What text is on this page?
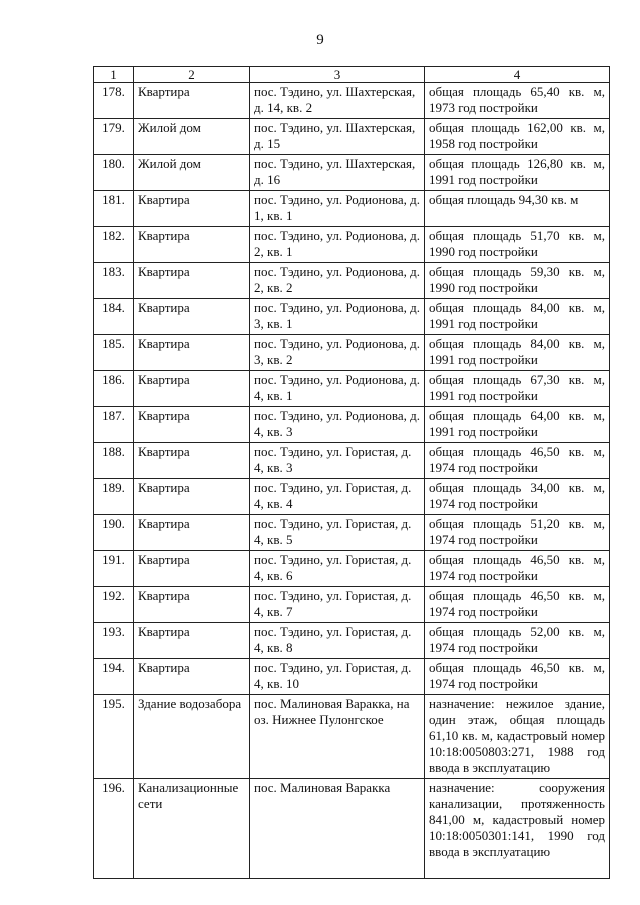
9
1	2	3	4
178.	Квартира	пос. Тэдино, ул. Шахтерская, д. 14, кв. 2	общая площадь 65,40 кв. м, 1973 год постройки
179.	Жилой дом	пос. Тэдино, ул. Шахтерская, д. 15	общая площадь 162,00 кв. м, 1958 год постройки
180.	Жилой дом	пос. Тэдино, ул. Шахтерская, д. 16	общая площадь 126,80 кв. м, 1991 год постройки
181.	Квартира	пос. Тэдино, ул. Родионова, д. 1, кв. 1	общая площадь 94,30 кв. м
182.	Квартира	пос. Тэдино, ул. Родионова, д. 2, кв. 1	общая площадь 51,70 кв. м, 1990 год постройки
183.	Квартира	пос. Тэдино, ул. Родионова, д. 2, кв. 2	общая площадь 59,30 кв. м, 1990 год постройки
184.	Квартира	пос. Тэдино, ул. Родионова, д. 3, кв. 1	общая площадь 84,00 кв. м, 1991 год постройки
185.	Квартира	пос. Тэдино, ул. Родионова, д. 3, кв. 2	общая площадь 84,00 кв. м, 1991 год постройки
186.	Квартира	пос. Тэдино, ул. Родионова, д. 4, кв. 1	общая площадь 67,30 кв. м, 1991 год постройки
187.	Квартира	пос. Тэдино, ул. Родионова, д. 4, кв. 3	общая площадь 64,00 кв. м, 1991 год постройки
188.	Квартира	пос. Тэдино, ул. Гористая, д. 4, кв. 3	общая площадь 46,50 кв. м, 1974 год постройки
189.	Квартира	пос. Тэдино, ул. Гористая, д. 4, кв. 4	общая площадь 34,00 кв. м, 1974 год постройки
190.	Квартира	пос. Тэдино, ул. Гористая, д. 4, кв. 5	общая площадь 51,20 кв. м, 1974 год постройки
191.	Квартира	пос. Тэдино, ул. Гористая, д. 4, кв. 6	общая площадь 46,50 кв. м, 1974 год постройки
192.	Квартира	пос. Тэдино, ул. Гористая, д. 4, кв. 7	общая площадь 46,50 кв. м, 1974 год постройки
193.	Квартира	пос. Тэдино, ул. Гористая, д. 4, кв. 8	общая площадь 52,00 кв. м, 1974 год постройки
194.	Квартира	пос. Тэдино, ул. Гористая, д. 4, кв. 10	общая площадь 46,50 кв. м, 1974 год постройки
195.	Здание водозабора	пос. Малиновая Варакка, на оз. Нижнее Пулонгское	назначение: нежилое здание, один этаж, общая площадь 61,10 кв. м, кадастровый номер 10:18:0050803:271, 1988 год ввода в эксплуатацию
196.	Канализационные сети	пос. Малиновая Варакка	назначение: сооружения канализации, протяженность 841,00 м, кадастровый номер 10:18:0050301:141, 1990 год ввода в эксплуатацию
